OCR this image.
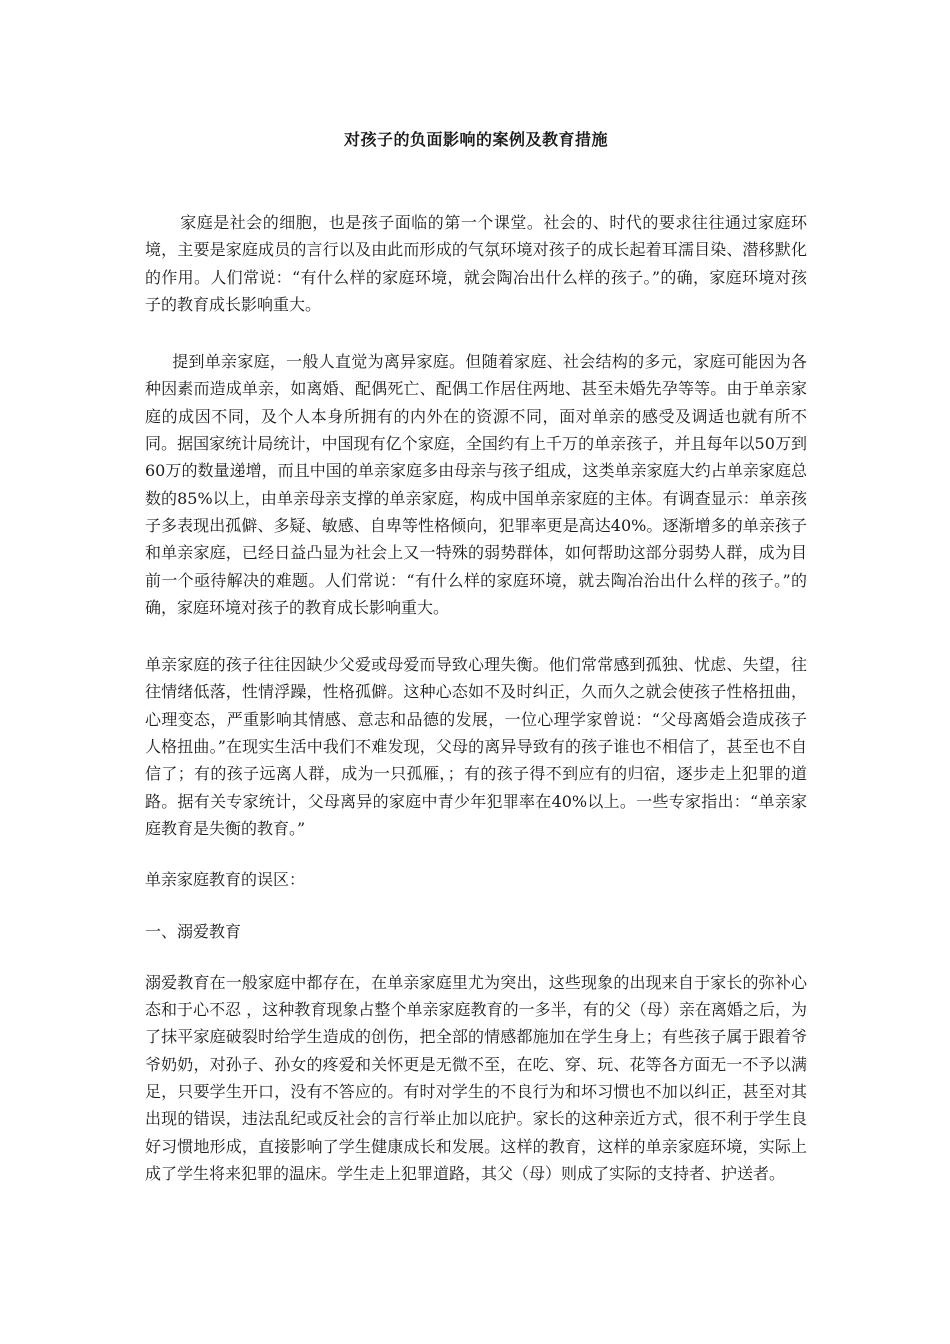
对孩子的负面影响的案例及教育措施

家庭是社会的细胞，也是孩子面临的第一个课堂。社会的、时代的要求往往通过家庭环境，主要是家庭成员的言行以及由此而形成的气氛环境对孩子的成长起着耳濡目染、潜移默化的作用。人们常说：“有什么样的家庭环境，就会陶冶出什么样的孩子。”的确，家庭环境对孩子的教育成长影响重大。

提到单亲家庭，一般人直觉为离异家庭。但随着家庭、社会结构的多元，家庭可能因为各种因素而造成单亲，如离婚、配偶死亡、配偶工作居住两地、甚至未婚先孕等等。由于单亲家庭的成因不同，及个人本身所拥有的内外在的资源不同，面对单亲的感受及调适也就有所不同。据国家统计局统计，中国现有亿个家庭，全国约有上千万的单亲孩子，并且每年以50万到60万的数量递增，而且中国的单亲家庭多由母亲与孩子组成，这类单亲家庭大约占单亲家庭总数的85%以上，由单亲母亲支撑的单亲家庭，构成中国单亲家庭的主体。有调查显示：单亲孩子多表现出孤僻、多疑、敏感、自卑等性格倾向，犯罪率更是高达40%。逐渐增多的单亲孩子和单亲家庭，已经日益凸显为社会上又一特殊的弱势群体，如何帮助这部分弱势人群，成为目前一个亟待解决的难题。人们常说：“有什么样的家庭环境，就去陶冶治出什么样的孩子。”的确，家庭环境对孩子的教育成长影响重大。

单亲家庭的孩子往往因缺少父爱或母爱而导致心理失衡。他们常常感到孤独、忧虑、失望，往往情绪低落，性情浮躁，性格孤僻。这种心态如不及时纠正，久而久之就会使孩子性格扭曲，心理变态，严重影响其情感、意志和品德的发展，一位心理学家曾说：“父母离婚会造成孩子人格扭曲。”在现实生活中我们不难发现，父母的离异导致有的孩子谁也不相信了，甚至也不自信了；有的孩子远离人群，成为一只孤雁，；有的孩子得不到应有的归宿，逐步走上犯罪的道路。据有关专家统计，父母离异的家庭中青少年犯罪率在40%以上。一些专家指出：“单亲家庭教育是失衡的教育。”

单亲家庭教育的误区：

一、溺爱教育

溺爱教育在一般家庭中都存在，在单亲家庭里尤为突出，这些现象的出现来自于家长的弥补心态和于心不忍 ，这种教育现象占整个单亲家庭教育的一多半，有的父（母）亲在离婚之后，为了抹平家庭破裂时给学生造成的创伤，把全部的情感都施加在学生身上；有些孩子属于跟着爷爷奶奶，对孙子、孙女的疼爱和关怀更是无微不至，在吃、穿、玩、花等各方面无一不予以满足，只要学生开口，没有不答应的。有时对学生的不良行为和坏习惯也不加以纠正，甚至对其出现的错误，违法乱纪或反社会的言行举止加以庇护。家长的这种亲近方式，很不利于学生良好习惯地形成，直接影响了学生健康成长和发展。这样的教育，这样的单亲家庭环境，实际上成了学生将来犯罪的温床。学生走上犯罪道路，其父（母）则成了实际的支持者、护送者。
